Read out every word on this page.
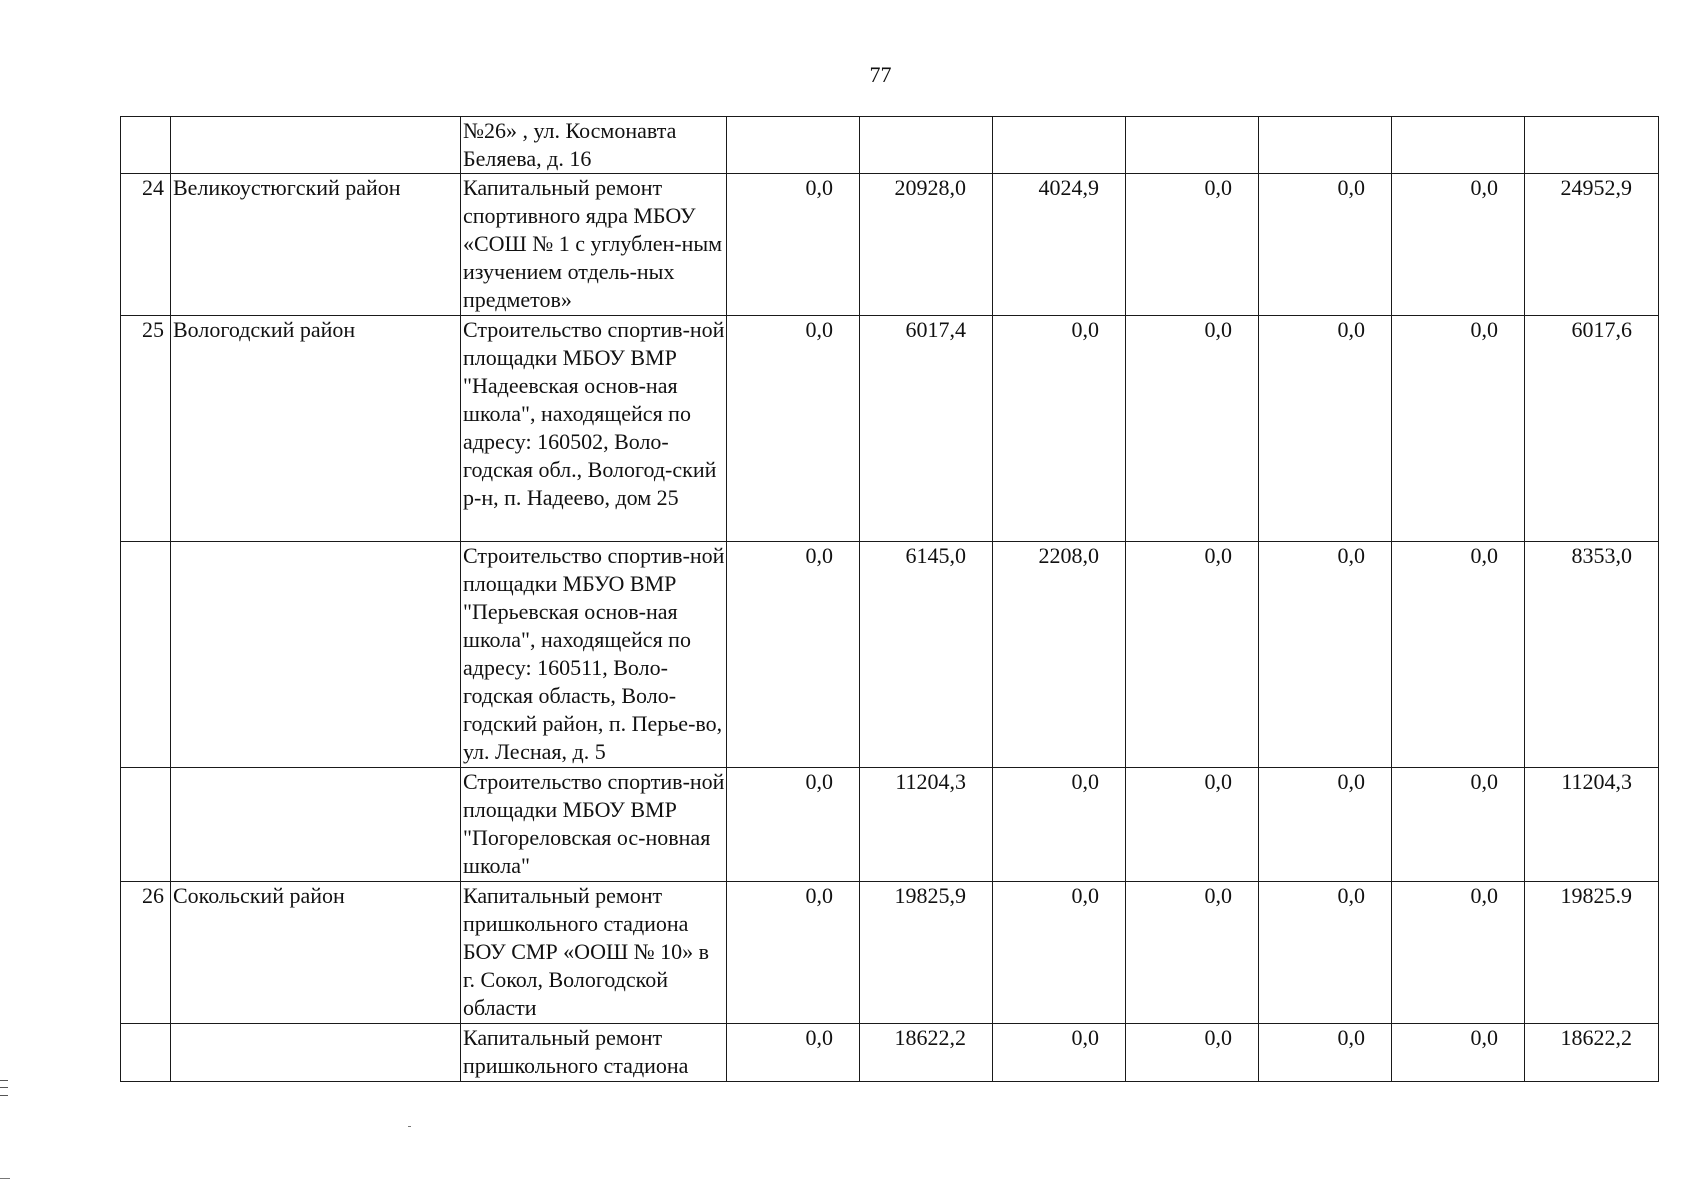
77
		№26» , ул. Космонавта Беляева, д. 16							
24	Великоустюгский район	Капитальный ремонт спортивного ядра МБОУ «СОШ № 1 с углублен-ным изучением отдель-ных предметов»	0,0	20928,0	4024,9	0,0	0,0	0,0	24952,9
25	Вологодский район	Строительство спортив-ной площадки МБОУ ВМР "Надеевская основ-ная школа", находящейся по адресу: 160502, Воло-годская обл., Вологод-ский р-н, п. Надеево, дом 25	0,0	6017,4	0,0	0,0	0,0	0,0	6017,6
		Строительство спортив-ной площадки МБУО ВМР "Перьевская основ-ная школа", находящейся по адресу: 160511, Воло-годская область, Воло-годский район, п. Перье-во, ул. Лесная, д. 5	0,0	6145,0	2208,0	0,0	0,0	0,0	8353,0
		Строительство спортив-ной площадки МБОУ ВМР "Погореловская ос-новная школа"	0,0	11204,3	0,0	0,0	0,0	0,0	11204,3
26	Сокольский район	Капитальный ремонт пришкольного стадиона БОУ СМР «ООШ № 10» в г. Сокол, Вологодской области	0,0	19825,9	0,0	0,0	0,0	0,0	19825.9
		Капитальный ремонт пришкольного стадиона	0,0	18622,2	0,0	0,0	0,0	0,0	18622,2
